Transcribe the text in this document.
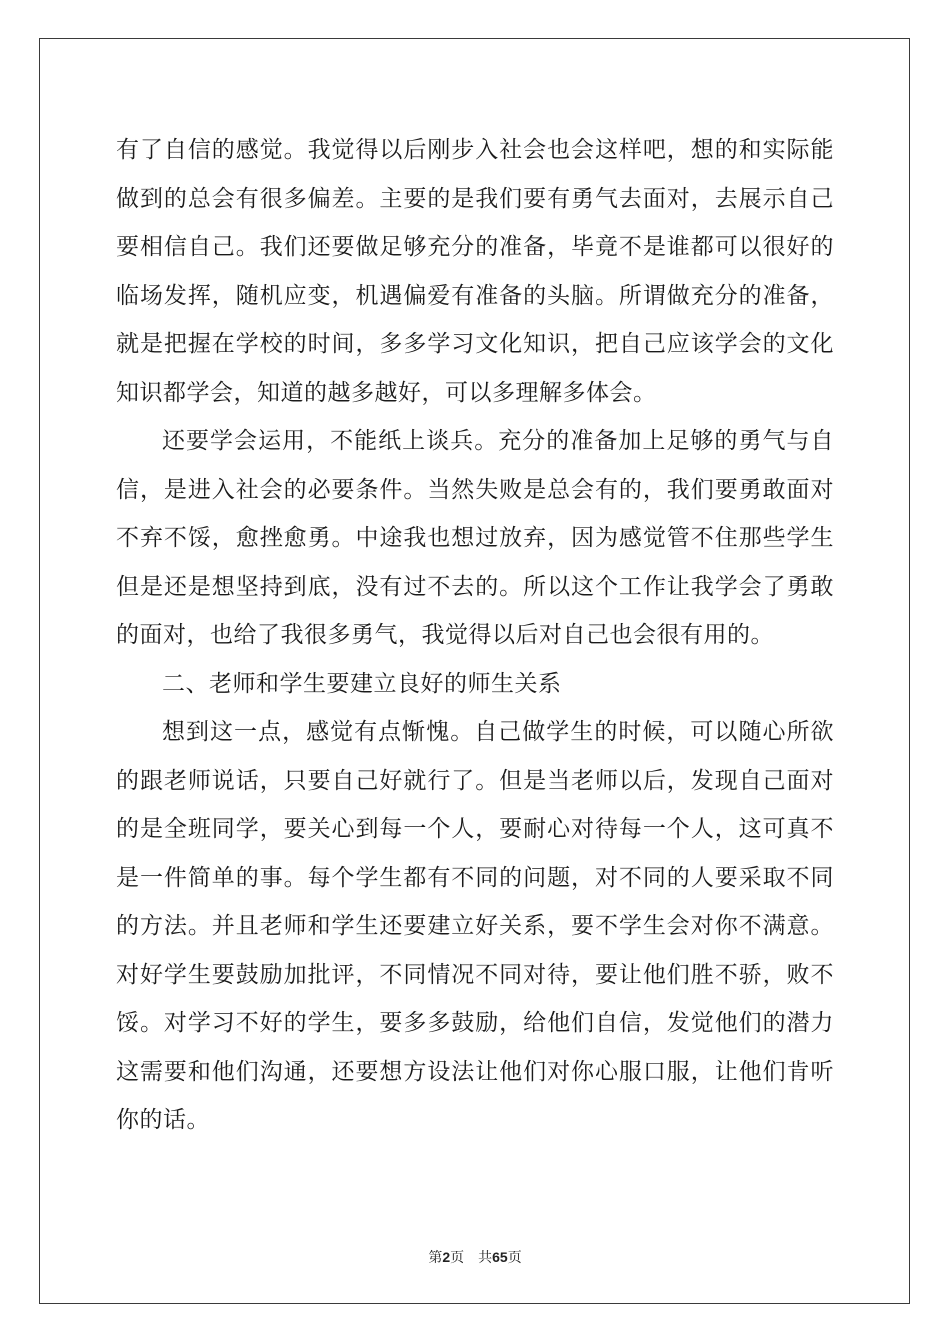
有了自信的感觉。我觉得以后刚步入社会也会这样吧，想的和实际能
做到的总会有很多偏差。主要的是我们要有勇气去面对，去展示自己
要相信自己。我们还要做足够充分的准备，毕竟不是谁都可以很好的
临场发挥，随机应变，机遇偏爱有准备的头脑。所谓做充分的准备，
就是把握在学校的时间，多多学习文化知识，把自己应该学会的文化
知识都学会，知道的越多越好，可以多理解多体会。
还要学会运用，不能纸上谈兵。充分的准备加上足够的勇气与自
信，是进入社会的必要条件。当然失败是总会有的，我们要勇敢面对
不弃不馁，愈挫愈勇。中途我也想过放弃，因为感觉管不住那些学生
但是还是想坚持到底，没有过不去的。所以这个工作让我学会了勇敢
的面对，也给了我很多勇气，我觉得以后对自己也会很有用的。
二、老师和学生要建立良好的师生关系
想到这一点，感觉有点惭愧。自己做学生的时候，可以随心所欲
的跟老师说话，只要自己好就行了。但是当老师以后，发现自己面对
的是全班同学，要关心到每一个人，要耐心对待每一个人，这可真不
是一件简单的事。每个学生都有不同的问题，对不同的人要采取不同
的方法。并且老师和学生还要建立好关系，要不学生会对你不满意。
对好学生要鼓励加批评，不同情况不同对待，要让他们胜不骄，败不
馁。对学习不好的学生，要多多鼓励，给他们自信，发觉他们的潜力
这需要和他们沟通，还要想方设法让他们对你心服口服，让他们肯听
你的话。
第2页 共65页
